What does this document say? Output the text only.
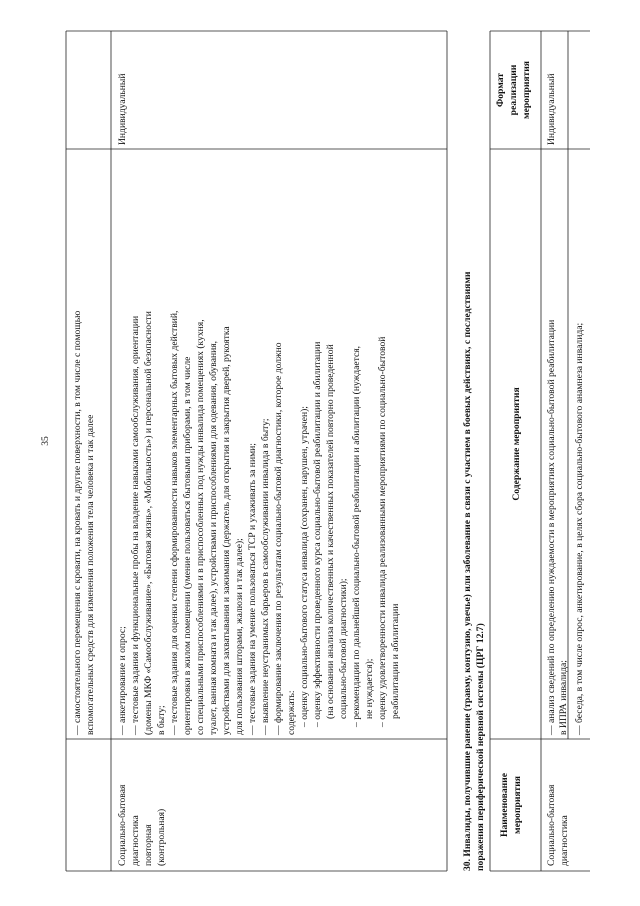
35 — самостоятельного перемещения с кровати, на кровать и другие поверхности, в том числе с помощью вспомогательных средств для изменения положения тела человека и так далее
Социально-бытовая диагностика повторная (контрольная)
Индивидуальный
— анкетирование и опрос; — тестовые задания и функциональные пробы на владение навыками самообслуживания, ориентации (домены МКФ «Самообслуживание», «Бытовая жизнь», «Мобильность») и персональной безопасности в быту; — тестовые задания для оценки степени сформированности навыков элементарных бытовых действий, ориентировки в жилом помещении (умение пользоваться бытовыми приборами, в том числе со специальными приспособлениями и в приспособленных под нужды инвалида помещениях (кухня, туалет, ванная комната и так далее), устройствами и приспособлениями для одевания, обувания, устройствами для захватывания и зажимания (держатель для открытия и закрытия дверей, рукоятка для пользования шторами, жалюзи и так далее); — тестовые задания на умение пользоваться ТСР и ухаживать за ними; — выявление неустранимых барьеров в самообслуживании инвалида в быту; — формирование заключения по результатам социально-бытовой диагностики, которое должно содержать: – оценку социально-бытового статуса инвалида (сохранен, нарушен, утрачен); – оценку эффективности проведенного курса социально-бытовой реабилитации и абилитации (на основании анализа количественных и качественных показателей повторно проведенной социально-бытовой диагностики); – рекомендации по дальнейшей социально-бытовой реабилитации и абилитации (нуждается, не нуждается); – оценку удовлетворенности инвалида реализованными мероприятиями по социально-бытовой реабилитации и абилитации	30. Инвалиды, получившие ранение (травму, контузию, увечье) или заболевание в связи с участием в боевых действиях, с последствиями поражения периферической нервной системы (ЦРГ 12.7) Наименование мероприятия
Содержание мероприятия
Формат реализации мероприятия
Социально-бытовая диагностика
Индивидуальный
— анализ сведений по определению нуждаемости в мероприятиях социально-бытовой реабилитации в ИПРА инвалида; — беседа, в том числе опрос, анкетирование, в целях сбора социально-бытового анамнеза инвалида;
